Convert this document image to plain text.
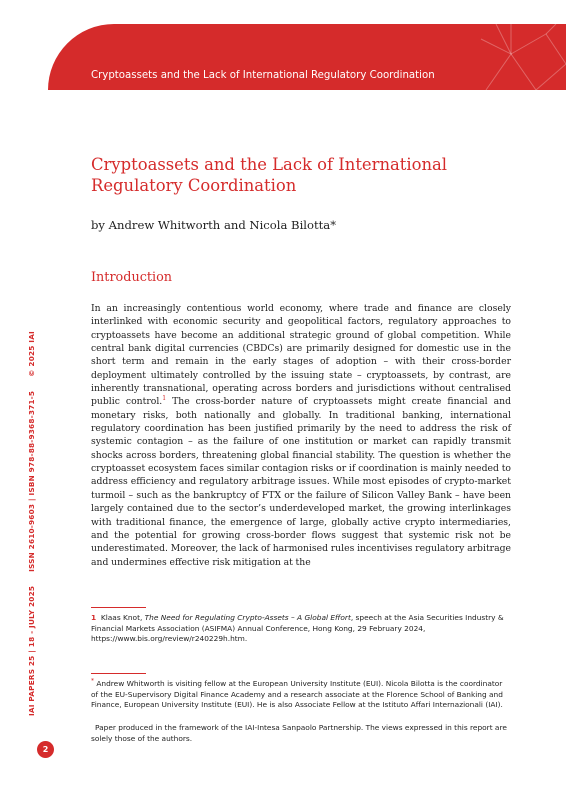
Cryptoassets and the Lack of International Regulatory Coordination
IAI PAPERS 25 | 18 - JULY 2025ISSN 2610-9603 | ISBN 978-88-9368-371-5© 2025 IAI
2
Cryptoassets and the Lack of International Regulatory Coordination

by Andrew Whitworth and Nicola Bilotta*

Introduction

In an increasingly contentious world economy, where trade and finance are closely interlinked with economic security and geopolitical factors, regulatory approaches to cryptoassets have become an additional strategic ground of global competition. While central bank digital currencies (CBDCs) are primarily designed for domestic use in the short term and remain in the early stages of adoption – with their cross-border deployment ultimately controlled by the issuing state – cryptoassets, by contrast, are inherently transnational, operating across borders and jurisdictions without centralised public control.$^1$ The cross-border nature of cryptoassets might create financial and monetary risks, both nationally and globally. In traditional banking, international regulatory coordination has been justified primarily by the need to address the risk of systemic contagion – as the failure of one institution or market can rapidly transmit shocks across borders, threatening global financial stability. The question is whether the cryptoasset ecosystem faces similar contagion risks or if coordination is mainly needed to address efficiency and regulatory arbitrage issues. While most episodes of crypto-market turmoil – such as the bankruptcy of FTX or the failure of Silicon Valley Bank – have been largely contained due to the sector’s underdeveloped market, the growing interlinkages with traditional finance, the emergence of large, globally active crypto intermediaries, and the potential for growing cross-border flows suggest that systemic risk not be underestimated. Moreover, the lack of harmonised rules incentivises regulatory arbitrage and undermines effective risk mitigation at the

1 Klaas Knot, The Need for Regulating Crypto-Assets – A Global Effort, speech at the Asia Securities Industry & Financial Markets Association (ASIFMA) Annual Conference, Hong Kong, 29 February 2024, https://www.bis.org/review/r240229h.htm.

* Andrew Whitworth is visiting fellow at the European University Institute (EUI). Nicola Bilotta is the coordinator of the EU-Supervisory Digital Finance Academy and a research associate at the Florence School of Banking and Finance, European University Institute (EUI). He is also Associate Fellow at the Istituto Affari Internazionali (IAI).

Paper produced in the framework of the IAI-Intesa Sanpaolo Partnership. The views expressed in this report are solely those of the authors.
